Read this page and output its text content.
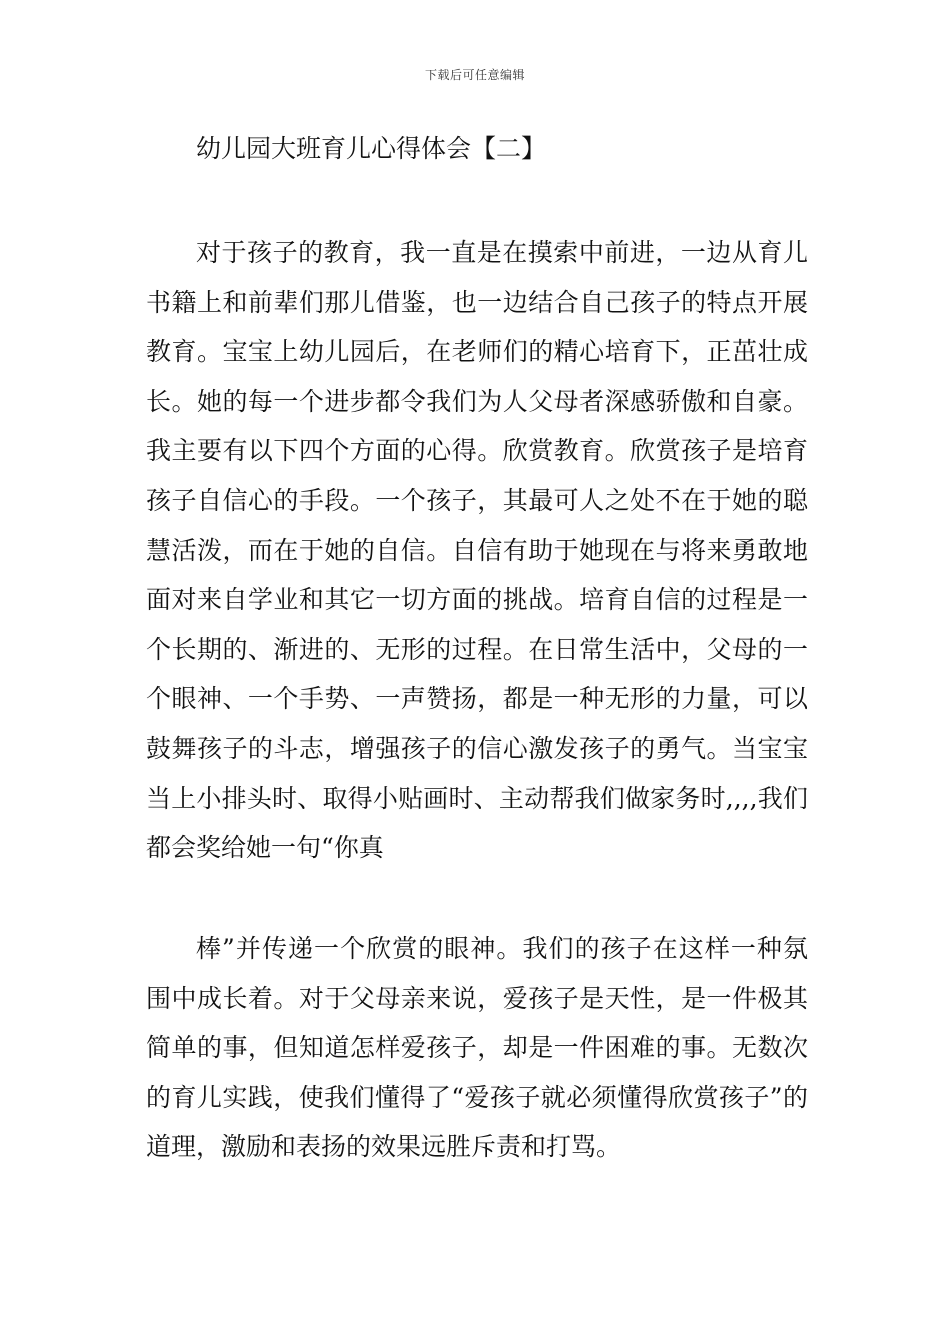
下载后可任意编辑
幼儿园大班育儿心得体会【二】

对于孩子的教育，我一直是在摸索中前进，一边从育儿书籍上和前辈们那儿借鉴，也一边结合自己孩子的特点开展教育。宝宝上幼儿园后，在老师们的精心培育下，正茁壮成长。她的每一个进步都令我们为人父母者深感骄傲和自豪。我主要有以下四个方面的心得。欣赏教育。欣赏孩子是培育孩子自信心的手段。一个孩子，其最可人之处不在于她的聪慧活泼，而在于她的自信。自信有助于她现在与将来勇敢地面对来自学业和其它一切方面的挑战。培育自信的过程是一个长期的、渐进的、无形的过程。在日常生活中，父母的一个眼神、一个手势、一声赞扬，都是一种无形的力量，可以鼓舞孩子的斗志，增强孩子的信心激发孩子的勇气。当宝宝当上小排头时、取得小贴画时、主动帮我们做家务时,,,,我们都会奖给她一句“你真

棒”并传递一个欣赏的眼神。我们的孩子在这样一种氛围中成长着。对于父母亲来说，爱孩子是天性，是一件极其简单的事，但知道怎样爱孩子，却是一件困难的事。无数次的育儿实践，使我们懂得了“爱孩子就必须懂得欣赏孩子”的道理，激励和表扬的效果远胜斥责和打骂。
